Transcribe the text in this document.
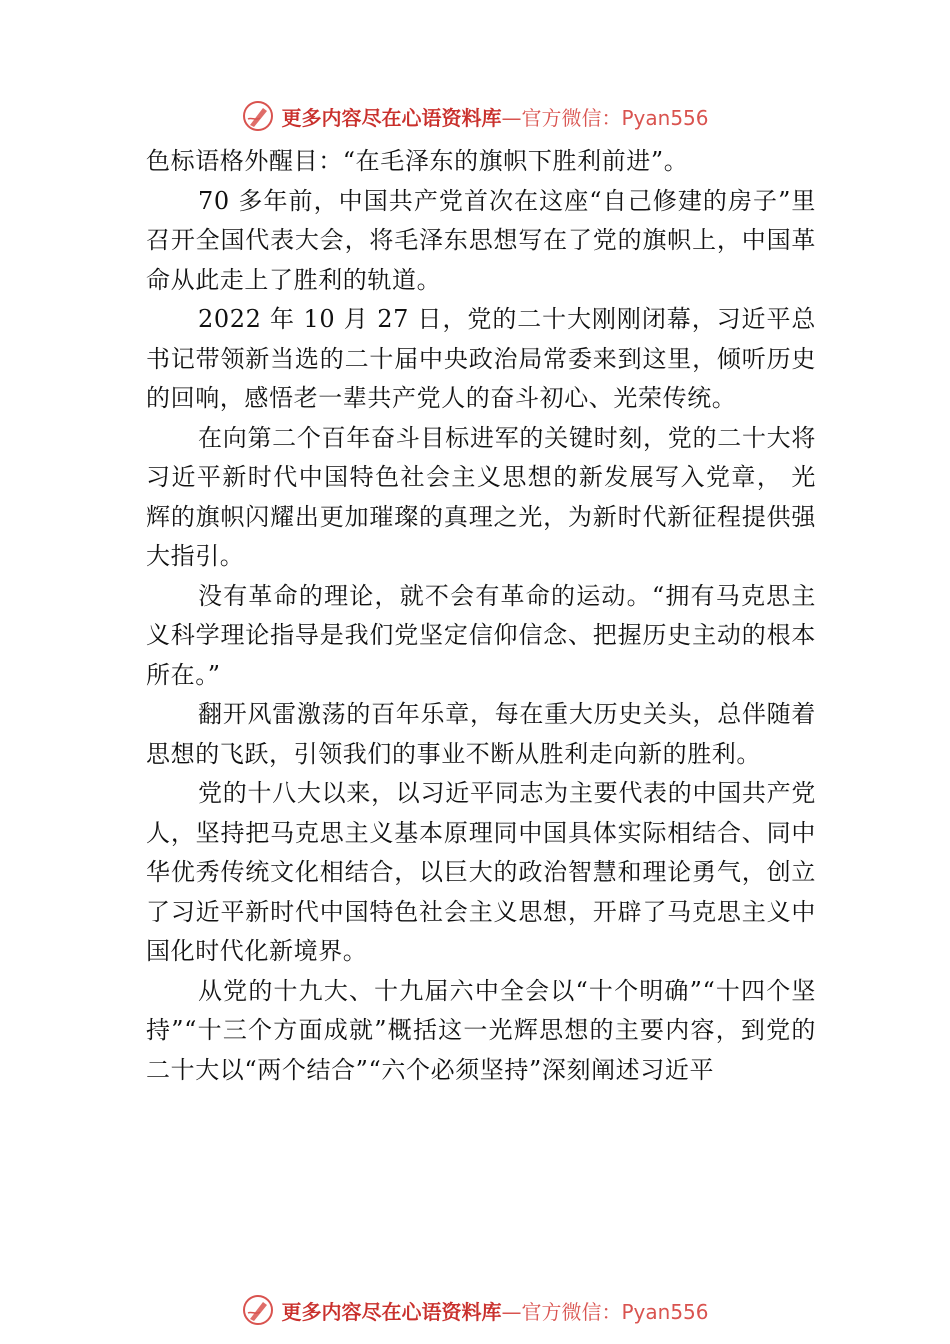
更多内容尽在心语资料库—官方微信：Pyan556

色标语格外醒目：“在毛泽东的旗帜下胜利前进”。

70 多年前，中国共产党首次在这座“自己修建的房子”里召开全国代表大会，将毛泽东思想写在了党的旗帜上，中国革命从此走上了胜利的轨道。

2022 年 10 月 27 日，党的二十大刚刚闭幕，习近平总书记带领新当选的二十届中央政治局常委来到这里，倾听历史的回响，感悟老一辈共产党人的奋斗初心、光荣传统。

在向第二个百年奋斗目标进军的关键时刻，党的二十大将习近平新时代中国特色社会主义思想的新发展写入党章， 光辉的旗帜闪耀出更加璀璨的真理之光，为新时代新征程提供强大指引。

没有革命的理论，就不会有革命的运动。“拥有马克思主义科学理论指导是我们党坚定信仰信念、把握历史主动的根本所在。”

翻开风雷激荡的百年乐章，每在重大历史关头，总伴随着思想的飞跃，引领我们的事业不断从胜利走向新的胜利。

党的十八大以来，以习近平同志为主要代表的中国共产党人，坚持把马克思主义基本原理同中国具体实际相结合、同中华优秀传统文化相结合，以巨大的政治智慧和理论勇气，创立了习近平新时代中国特色社会主义思想，开辟了马克思主义中国化时代化新境界。

从党的十九大、十九届六中全会以“十个明确”“十四个坚持”“十三个方面成就”概括这一光辉思想的主要内容，到党的二十大以“两个结合”“六个必须坚持”深刻阐述习近平

更多内容尽在心语资料库—官方微信：Pyan556
